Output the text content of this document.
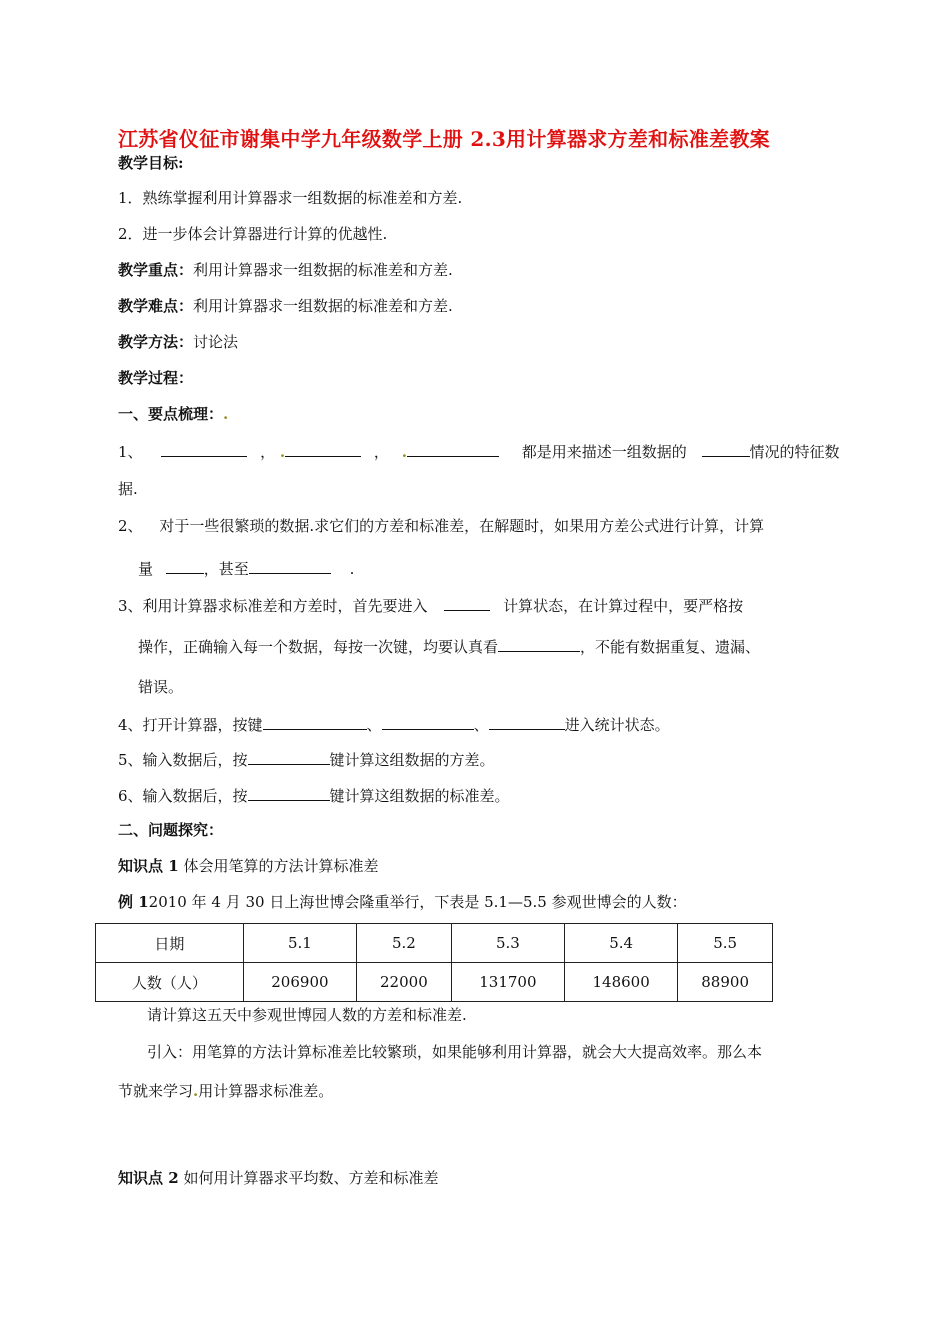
江苏省仪征市谢集中学九年级数学上册 2.3用计算器求方差和标准差教案
教学目标:
1．熟练掌握利用计算器求一组数据的标准差和方差.
2．进一步体会计算器进行计算的优越性.
教学重点：利用计算器求一组数据的标准差和方差.
教学难点：利用计算器求一组数据的标准差和方差.
教学方法：讨论法
教学过程：
一、要点梳理：.
1、	， .	， .	都是用来描述一组数据的	情况的特征数
据.
2、 对于一些很繁琐的数据.求它们的方差和标准差，在解题时，如果用方差公式进行计算，计算
量	，甚至	.
3、利用计算器求标准差和方差时，首先要进入	计算状态，在计算过程中，要严格按
操作，正确输入每一个数据，每按一次键，均要认真看	，不能有数据重复、遗漏、
错误。
4、打开计算器，按键	、	、	进入统计状态。
5、输入数据后，按	键计算这组数据的方差。
6、输入数据后，按	键计算这组数据的标准差。
二、问题探究：
知识点 1 体会用笔算的方法计算标准差
例 12010 年 4 月 30 日上海世博会隆重举行，下表是 5.1—5.5 参观世博会的人数：
日期	5.1	5.2	5.3	5.4	5.5
人数（人）	206900	22000	131700	148600	88900
请计算这五天中参观世博园人数的方差和标准差.
引入：用笔算的方法计算标准差比较繁琐，如果能够利用计算器，就会大大提高效率。那么本
节就来学习.用计算器求标准差。
知识点 2 如何用计算器求平均数、方差和标准差
